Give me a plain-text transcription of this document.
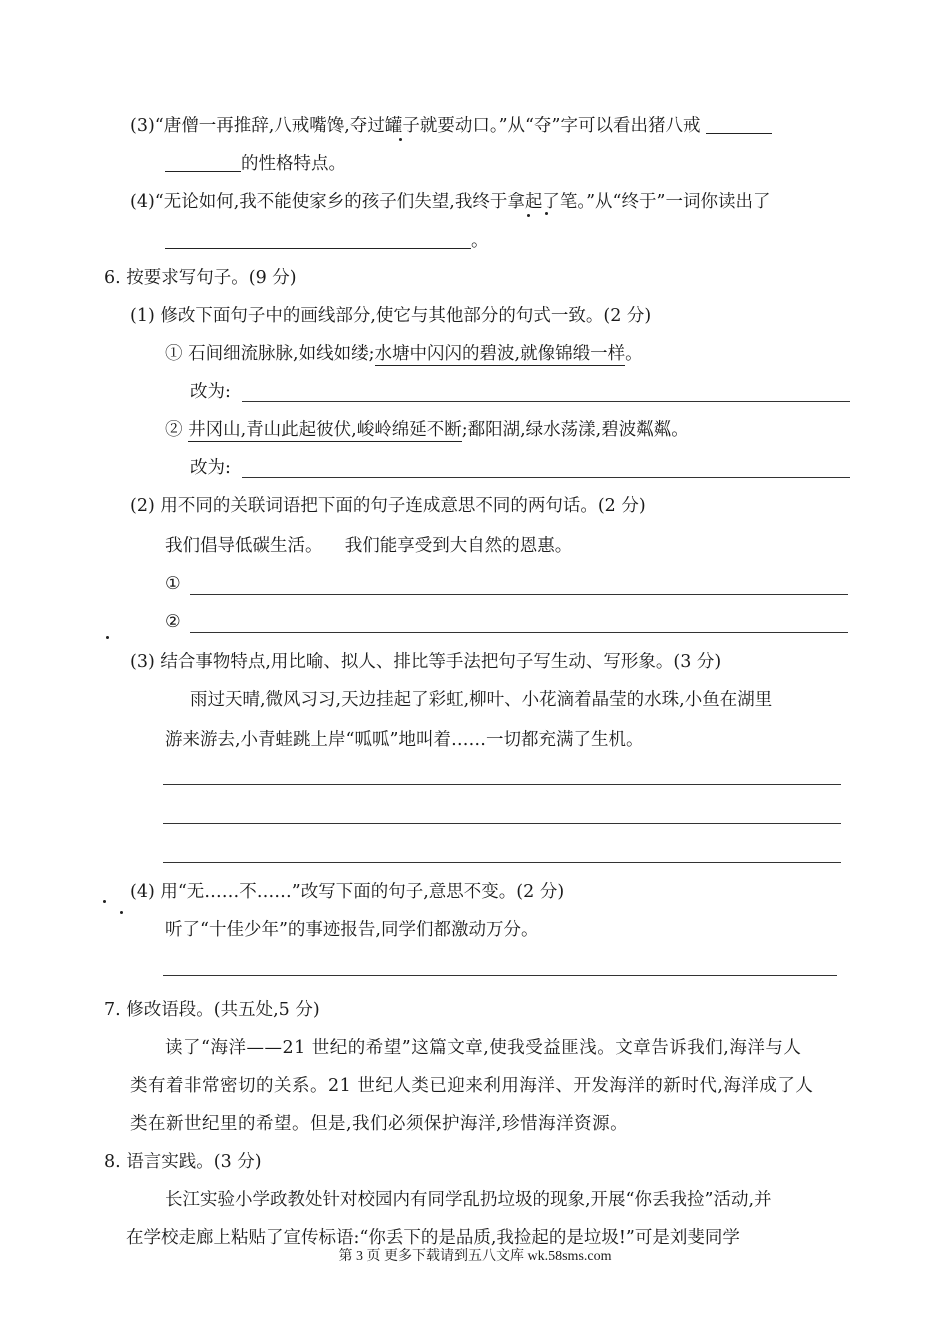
(3)“唐僧一再推辞,八戒嘴馋,夺过罐子就要动口。”从“夺”字可以看出猪八戒
的性格特点。
(4)“无论如何,我不能使家乡的孩子们失望,我终于拿起了笔。”从“终于”一词你读出了
。
6. 按要求写句子。(9 分)
(1) 修改下面句子中的画线部分,使它与其他部分的句式一致。(2 分)
① 石间细流脉脉,如线如缕;水塘中闪闪的碧波,就像锦缎一样。
改为:
② 井冈山,青山此起彼伏,峻岭绵延不断;鄱阳湖,绿水荡漾,碧波粼粼。
改为:
(2) 用不同的关联词语把下面的句子连成意思不同的两句话。(2 分)
我们倡导低碳生活。    我们能享受到大自然的恩惠。
①
②
(3) 结合事物特点,用比喻、拟人、排比等手法把句子写生动、写形象。(3 分)
雨过天晴,微风习习,天边挂起了彩虹,柳叶、小花滴着晶莹的水珠,小鱼在湖里
游来游去,小青蛙跳上岸“呱呱”地叫着……一切都充满了生机。
(4) 用“无……不……”改写下面的句子,意思不变。(2 分)
听了“十佳少年”的事迹报告,同学们都激动万分。
7. 修改语段。(共五处,5 分)
读了“海洋——21 世纪的希望”这篇文章,使我受益匪浅。文章告诉我们,海洋与人
类有着非常密切的关系。21 世纪人类已迎来利用海洋、开发海洋的新时代,海洋成了人
类在新世纪里的希望。但是,我们必须保护海洋,珍惜海洋资源。
8. 语言实践。(3 分)
长江实验小学政教处针对校园内有同学乱扔垃圾的现象,开展“你丢我捡”活动,并
在学校走廊上粘贴了宣传标语:“你丢下的是品质,我捡起的是垃圾!”可是刘斐同学
第 3 页 更多下载请到五八文库 wk.58sms.com
